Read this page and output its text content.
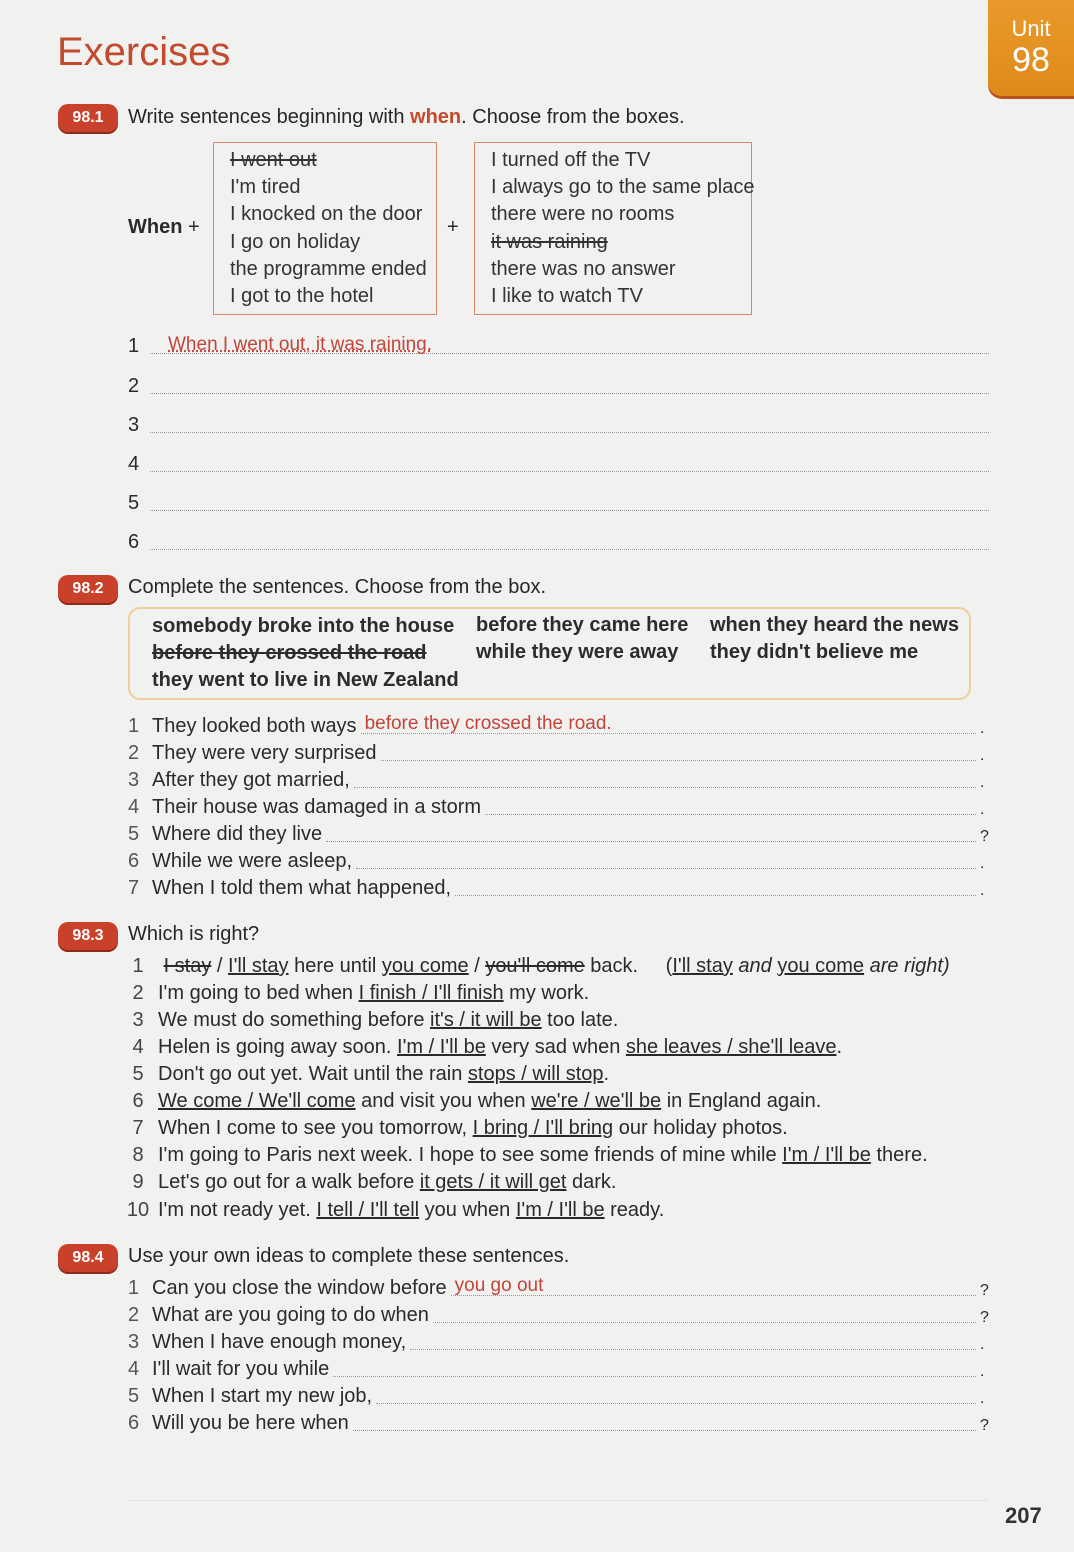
Exercises
Unit
98
98.1	Write sentences beginning with when. Choose from the boxes.
When +
I went out
I'm tired
I knocked on the door
I go on holiday
the programme ended
I got to the hotel
+
I turned off the TV
I always go to the same place
there were no rooms
it was raining
there was no answer
I like to watch TV
1 When I went out, it was raining.
2
3
4
5
6
98.2	Complete the sentences. Choose from the box.
somebody broke into the house
before they crossed the road
they went to live in New Zealand
before they came here
while they were away
when they heard the news
they didn't believe me
1 They looked both ways before they crossed the road.	.
2 They were very surprised	.
3 After they got married,	.
4 Their house was damaged in a storm	.
5 Where did they live	?
6 While we were asleep,	.
7 When I told them what happened,	.
98.3	Which is right?
1 I stay / I'll stay here until you come / you'll come back. (I'll stay and you come are right)
2 I'm going to bed when I finish / I'll finish my work.
3 We must do something before it's / it will be too late.
4 Helen is going away soon. I'm / I'll be very sad when she leaves / she'll leave.
5 Don't go out yet. Wait until the rain stops / will stop.
6 We come / We'll come and visit you when we're / we'll be in England again.
7 When I come to see you tomorrow, I bring / I'll bring our holiday photos.
8 I'm going to Paris next week. I hope to see some friends of mine while I'm / I'll be there.
9 Let's go out for a walk before it gets / it will get dark.
10 I'm not ready yet. I tell / I'll tell you when I'm / I'll be ready.
98.4	Use your own ideas to complete these sentences.
1 Can you close the window before you go out	?
2 What are you going to do when	?
3 When I have enough money,	.
4 I'll wait for you while	.
5 When I start my new job,	.
6 Will you be here when	?
207
